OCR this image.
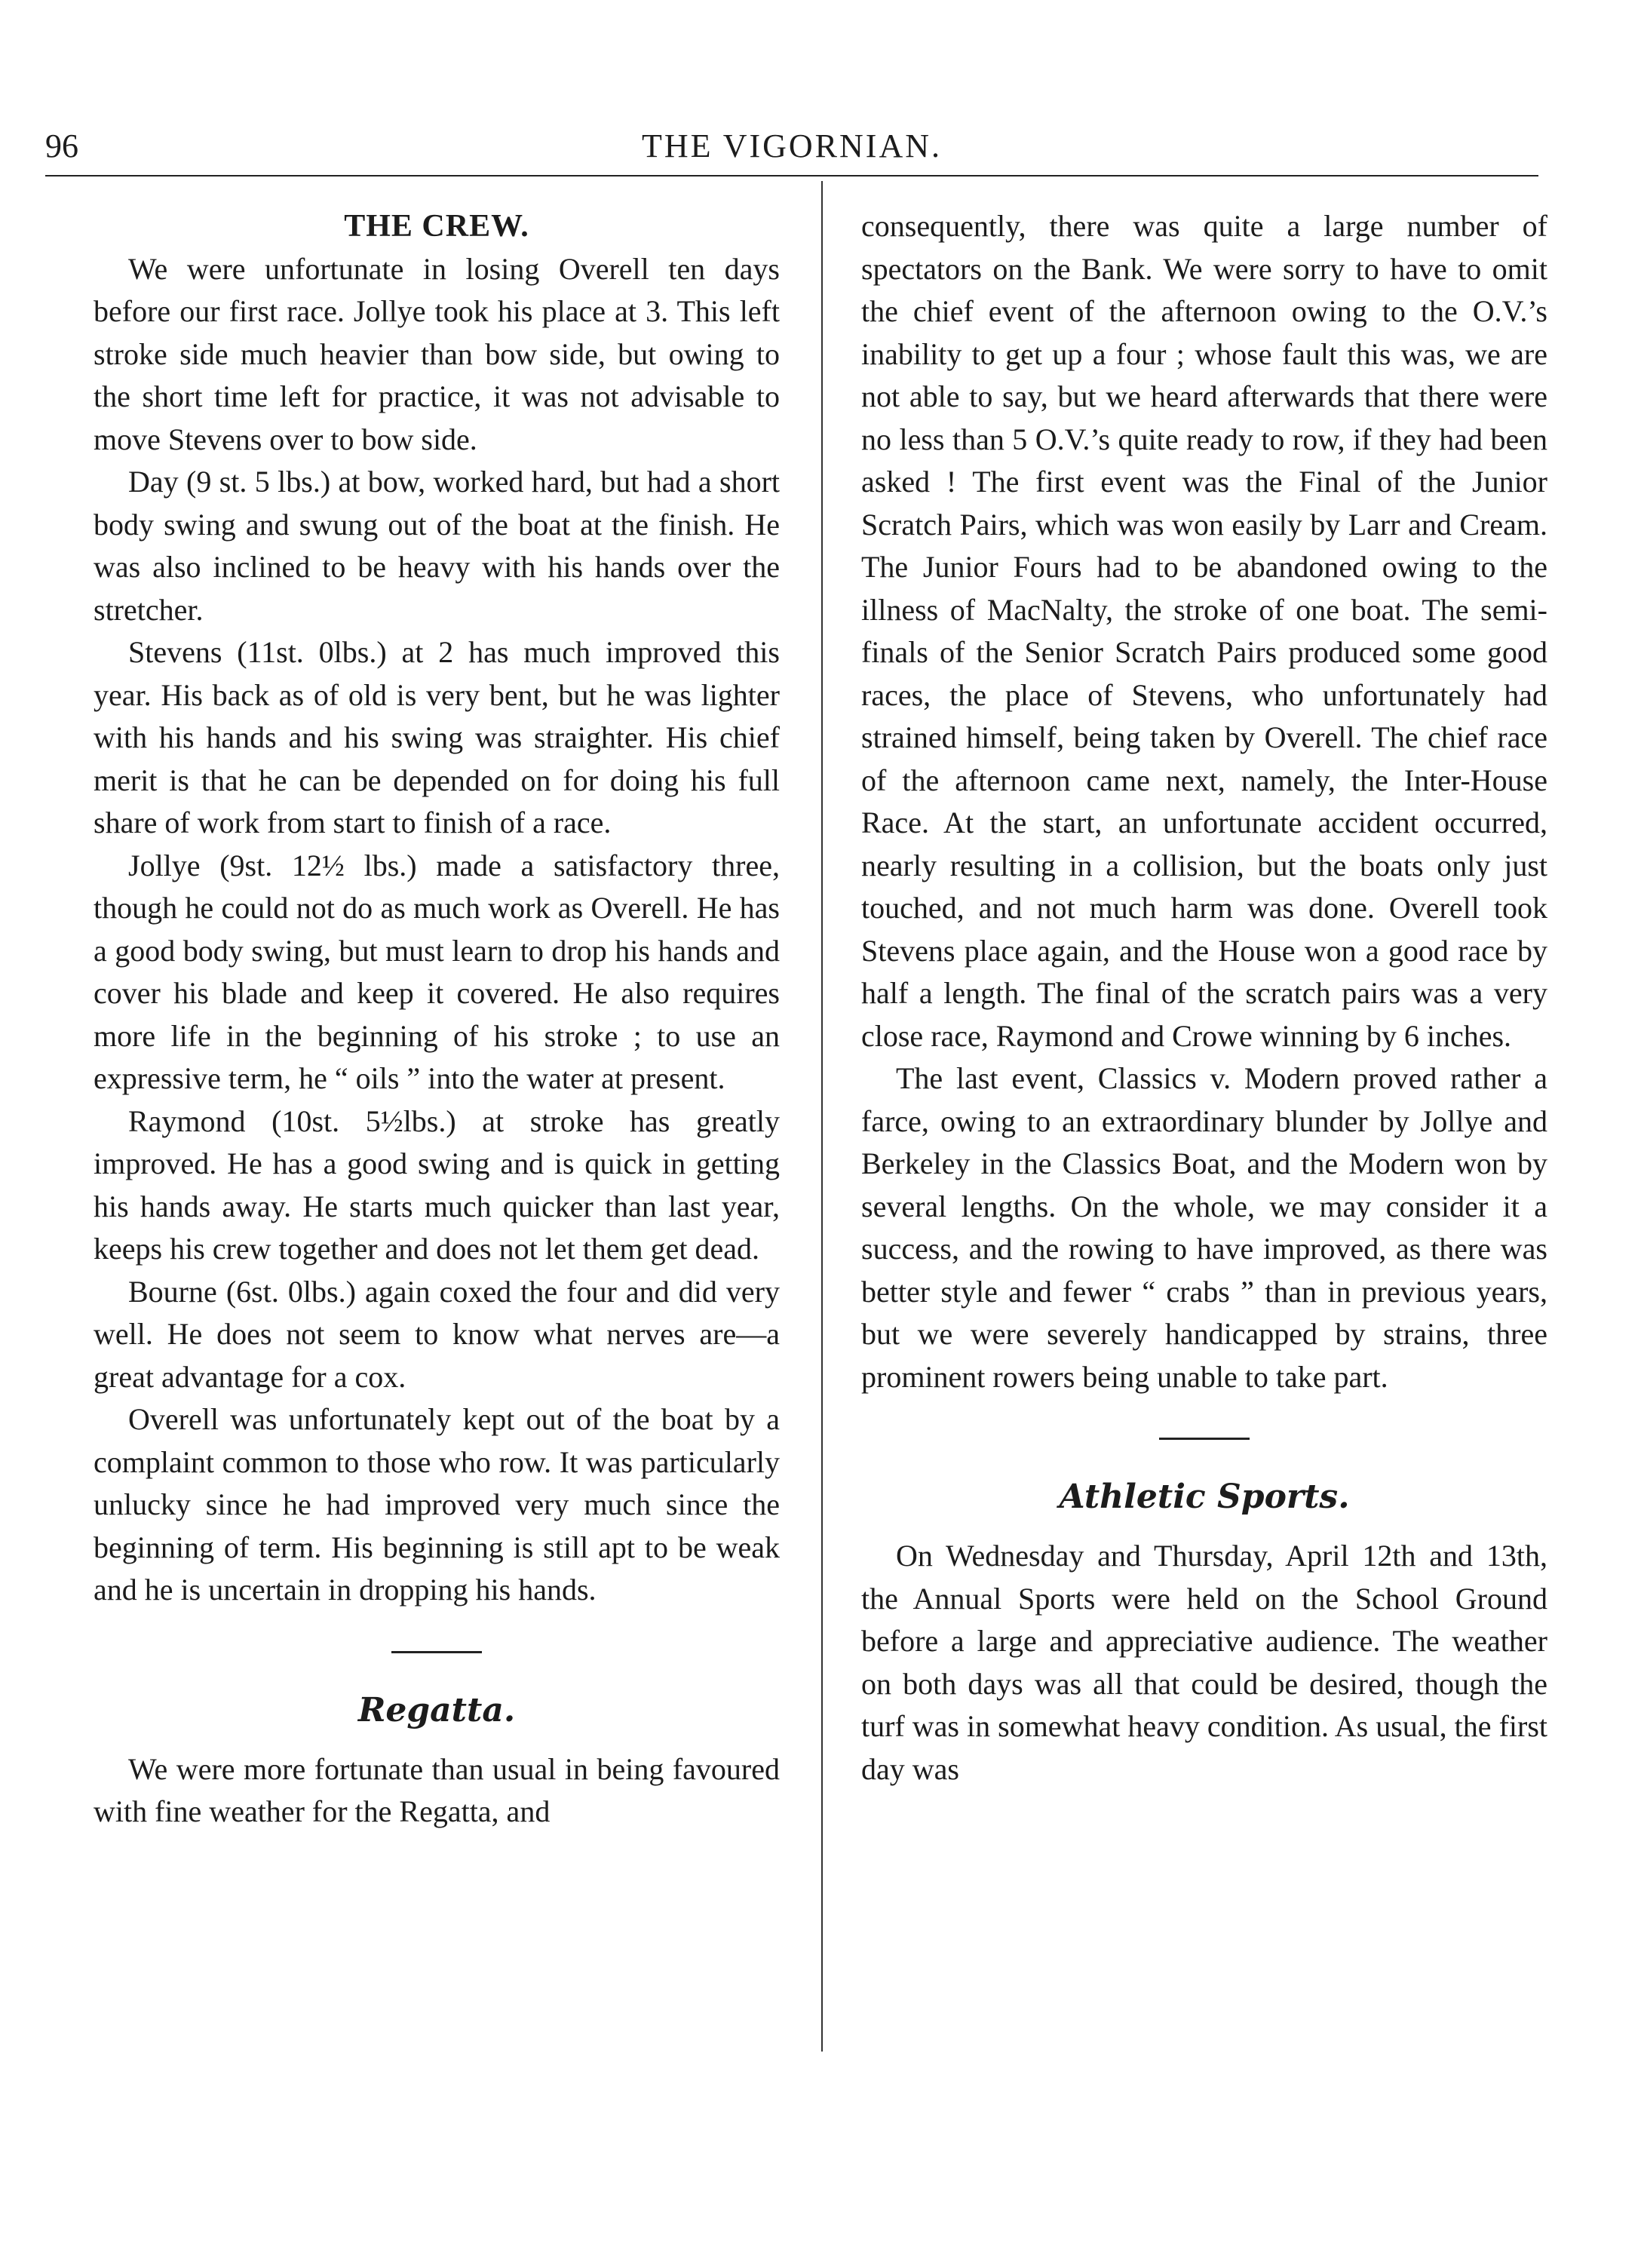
96	THE VIGORNIAN.
THE CREW.

We were unfortunate in losing Overell ten days before our first race. Jollye took his place at 3. This left stroke side much heavier than bow side, but owing to the short time left for practice, it was not advisable to move Stevens over to bow side.

Day (9 st. 5 lbs.) at bow, worked hard, but had a short body swing and swung out of the boat at the finish. He was also inclined to be heavy with his hands over the stretcher.

Stevens (11st. 0lbs.) at 2 has much improved this year. His back as of old is very bent, but he was lighter with his hands and his swing was straighter. His chief merit is that he can be depended on for doing his full share of work from start to finish of a race.

Jollye (9st. 12½ lbs.) made a satisfactory three, though he could not do as much work as Overell. He has a good body swing, but must learn to drop his hands and cover his blade and keep it covered. He also requires more life in the beginning of his stroke ; to use an expressive term, he “ oils ” into the water at present.

Raymond (10st. 5½lbs.) at stroke has greatly improved. He has a good swing and is quick in getting his hands away. He starts much quicker than last year, keeps his crew together and does not let them get dead.

Bourne (6st. 0lbs.) again coxed the four and did very well. He does not seem to know what nerves are—a great advantage for a cox.

Overell was unfortunately kept out of the boat by a complaint common to those who row. It was particularly unlucky since he had improved very much since the beginning of term. His beginning is still apt to be weak and he is uncertain in dropping his hands.

Regatta.

We were more fortunate than usual in being favoured with fine weather for the Regatta, and

consequently, there was quite a large number of spectators on the Bank. We were sorry to have to omit the chief event of the afternoon owing to the O.V.’s inability to get up a four ; whose fault this was, we are not able to say, but we heard afterwards that there were no less than 5 O.V.’s quite ready to row, if they had been asked ! The first event was the Final of the Junior Scratch Pairs, which was won easily by Larr and Cream. The Junior Fours had to be abandoned owing to the illness of MacNalty, the stroke of one boat. The semi-finals of the Senior Scratch Pairs produced some good races, the place of Stevens, who unfortunately had strained himself, being taken by Overell. The chief race of the afternoon came next, namely, the Inter-House Race. At the start, an unfortunate accident occurred, nearly resulting in a collision, but the boats only just touched, and not much harm was done. Overell took Stevens place again, and the House won a good race by half a length. The final of the scratch pairs was a very close race, Raymond and Crowe winning by 6 inches.

The last event, Classics v. Modern proved rather a farce, owing to an extraordinary blunder by Jollye and Berkeley in the Classics Boat, and the Modern won by several lengths. On the whole, we may consider it a success, and the rowing to have improved, as there was better style and fewer “ crabs ” than in previous years, but we were severely handicapped by strains, three prominent rowers being unable to take part.

Athletic Sports.

On Wednesday and Thursday, April 12th and 13th, the Annual Sports were held on the School Ground before a large and appreciative audience. The weather on both days was all that could be desired, though the turf was in somewhat heavy condition. As usual, the first day was
